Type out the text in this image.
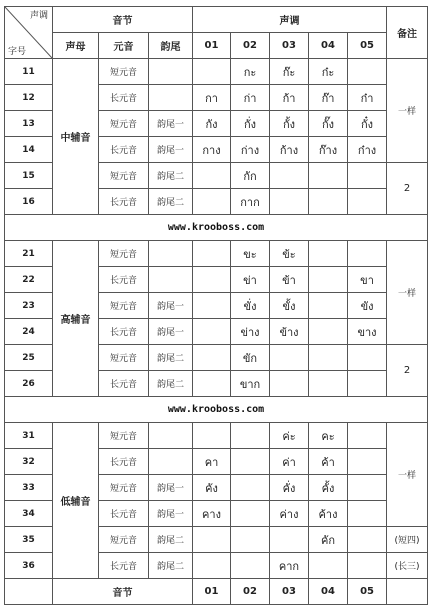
声调
字号	音节			声调					备注
	声母	元音	韵尾	01	02	03	04	05	
11	中辅音	短元音			กะ	ก๊ะ	ก๋ะ		一样
12		长元音		กา	ก่า	ก้า	ก๊า	ก๋า	
13		短元音	韵尾一	กัง	กั่ง	กั้ง	กั๊ง	กั๋ง	
14		长元音	韵尾一	กาง	ก่าง	ก้าง	ก๊าง	ก๋าง	
15		短元音	韵尾二		กัก				2
16		长元音	韵尾二		กาก				
www.krooboss.com									
21	高辅音	短元音			ขะ	ข้ะ			一样
22		长元音			ข่า	ข้า		ขา	
23		短元音	韵尾一		ขั่ง	ขั้ง		ขัง	
24		长元音	韵尾一		ข่าง	ข้าง		ขาง	
25		短元音	韵尾二		ขัก				2
26		长元音	韵尾二		ขาก				
www.krooboss.com									
31	低辅音	短元音				ค่ะ	คะ		一样
32		长元音		คา		ค่า	ค้า		
33		短元音	韵尾一	คัง		คั่ง	คั้ง		
34		长元音	韵尾一	คาง		ค่าง	ค้าง		
35		短元音	韵尾二				คัก		(短四)
36		长元音	韵尾二			คาก			(长三)
	音节			01	02	03	04	05	
